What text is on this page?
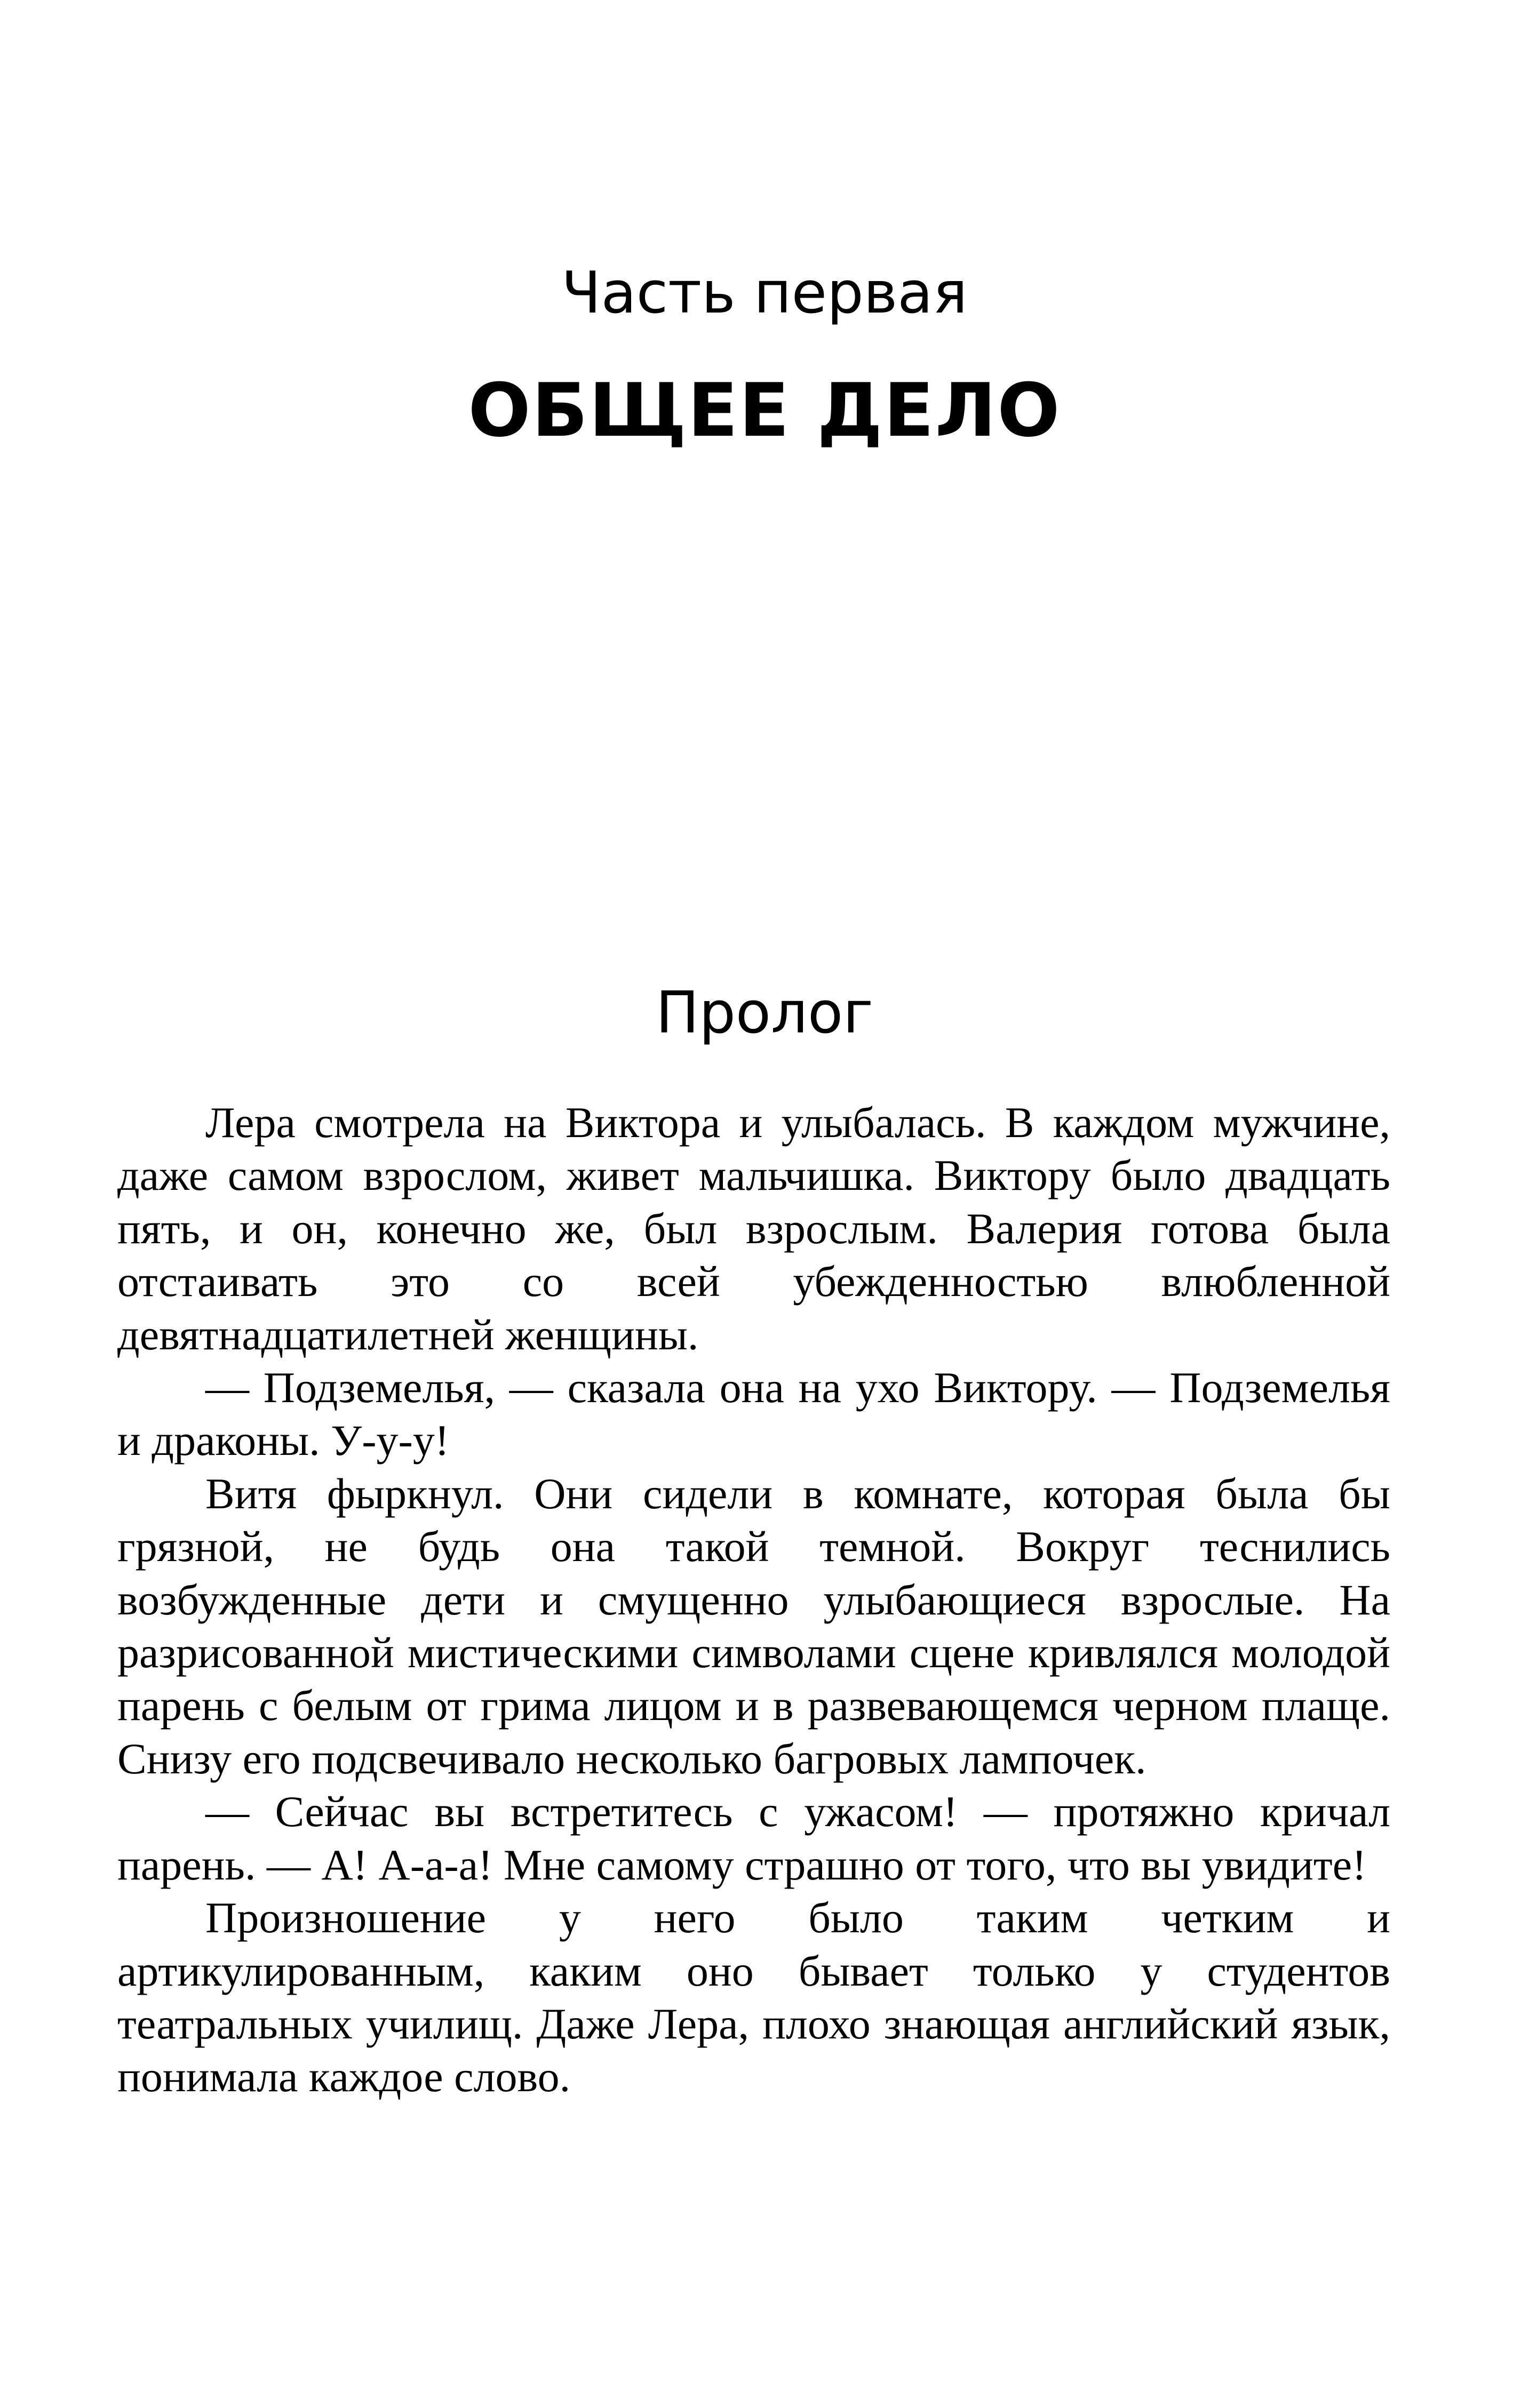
Часть первая
ОБЩЕЕ ДЕЛО
Пролог

Лера смотрела на Виктора и улыбалась. В каждом мужчине, даже самом взрослом, живет мальчишка. Виктору было двадцать пять, и он, конечно же, был взрослым. Валерия готова была отстаивать это со всей убежденностью влюбленной девятнадцатилетней женщины.

— Подземелья, — сказала она на ухо Виктору. — Подземелья и драконы. У-у-у!

Витя фыркнул. Они сидели в комнате, которая была бы грязной, не будь она такой темной. Вокруг теснились возбужденные дети и смущенно улыбающиеся взрослые. На разрисованной мистическими символами сцене кривлялся молодой парень с белым от грима лицом и в развевающемся черном плаще. Снизу его подсвечивало несколько багровых лампочек.

— Сейчас вы встретитесь с ужасом! — протяжно кричал парень. — А! А-а-а! Мне самому страшно от того, что вы увидите!

Произношение у него было таким четким и артикулированным, каким оно бывает только у студентов театральных училищ. Даже Лера, плохо знающая английский язык, понимала каждое слово.
